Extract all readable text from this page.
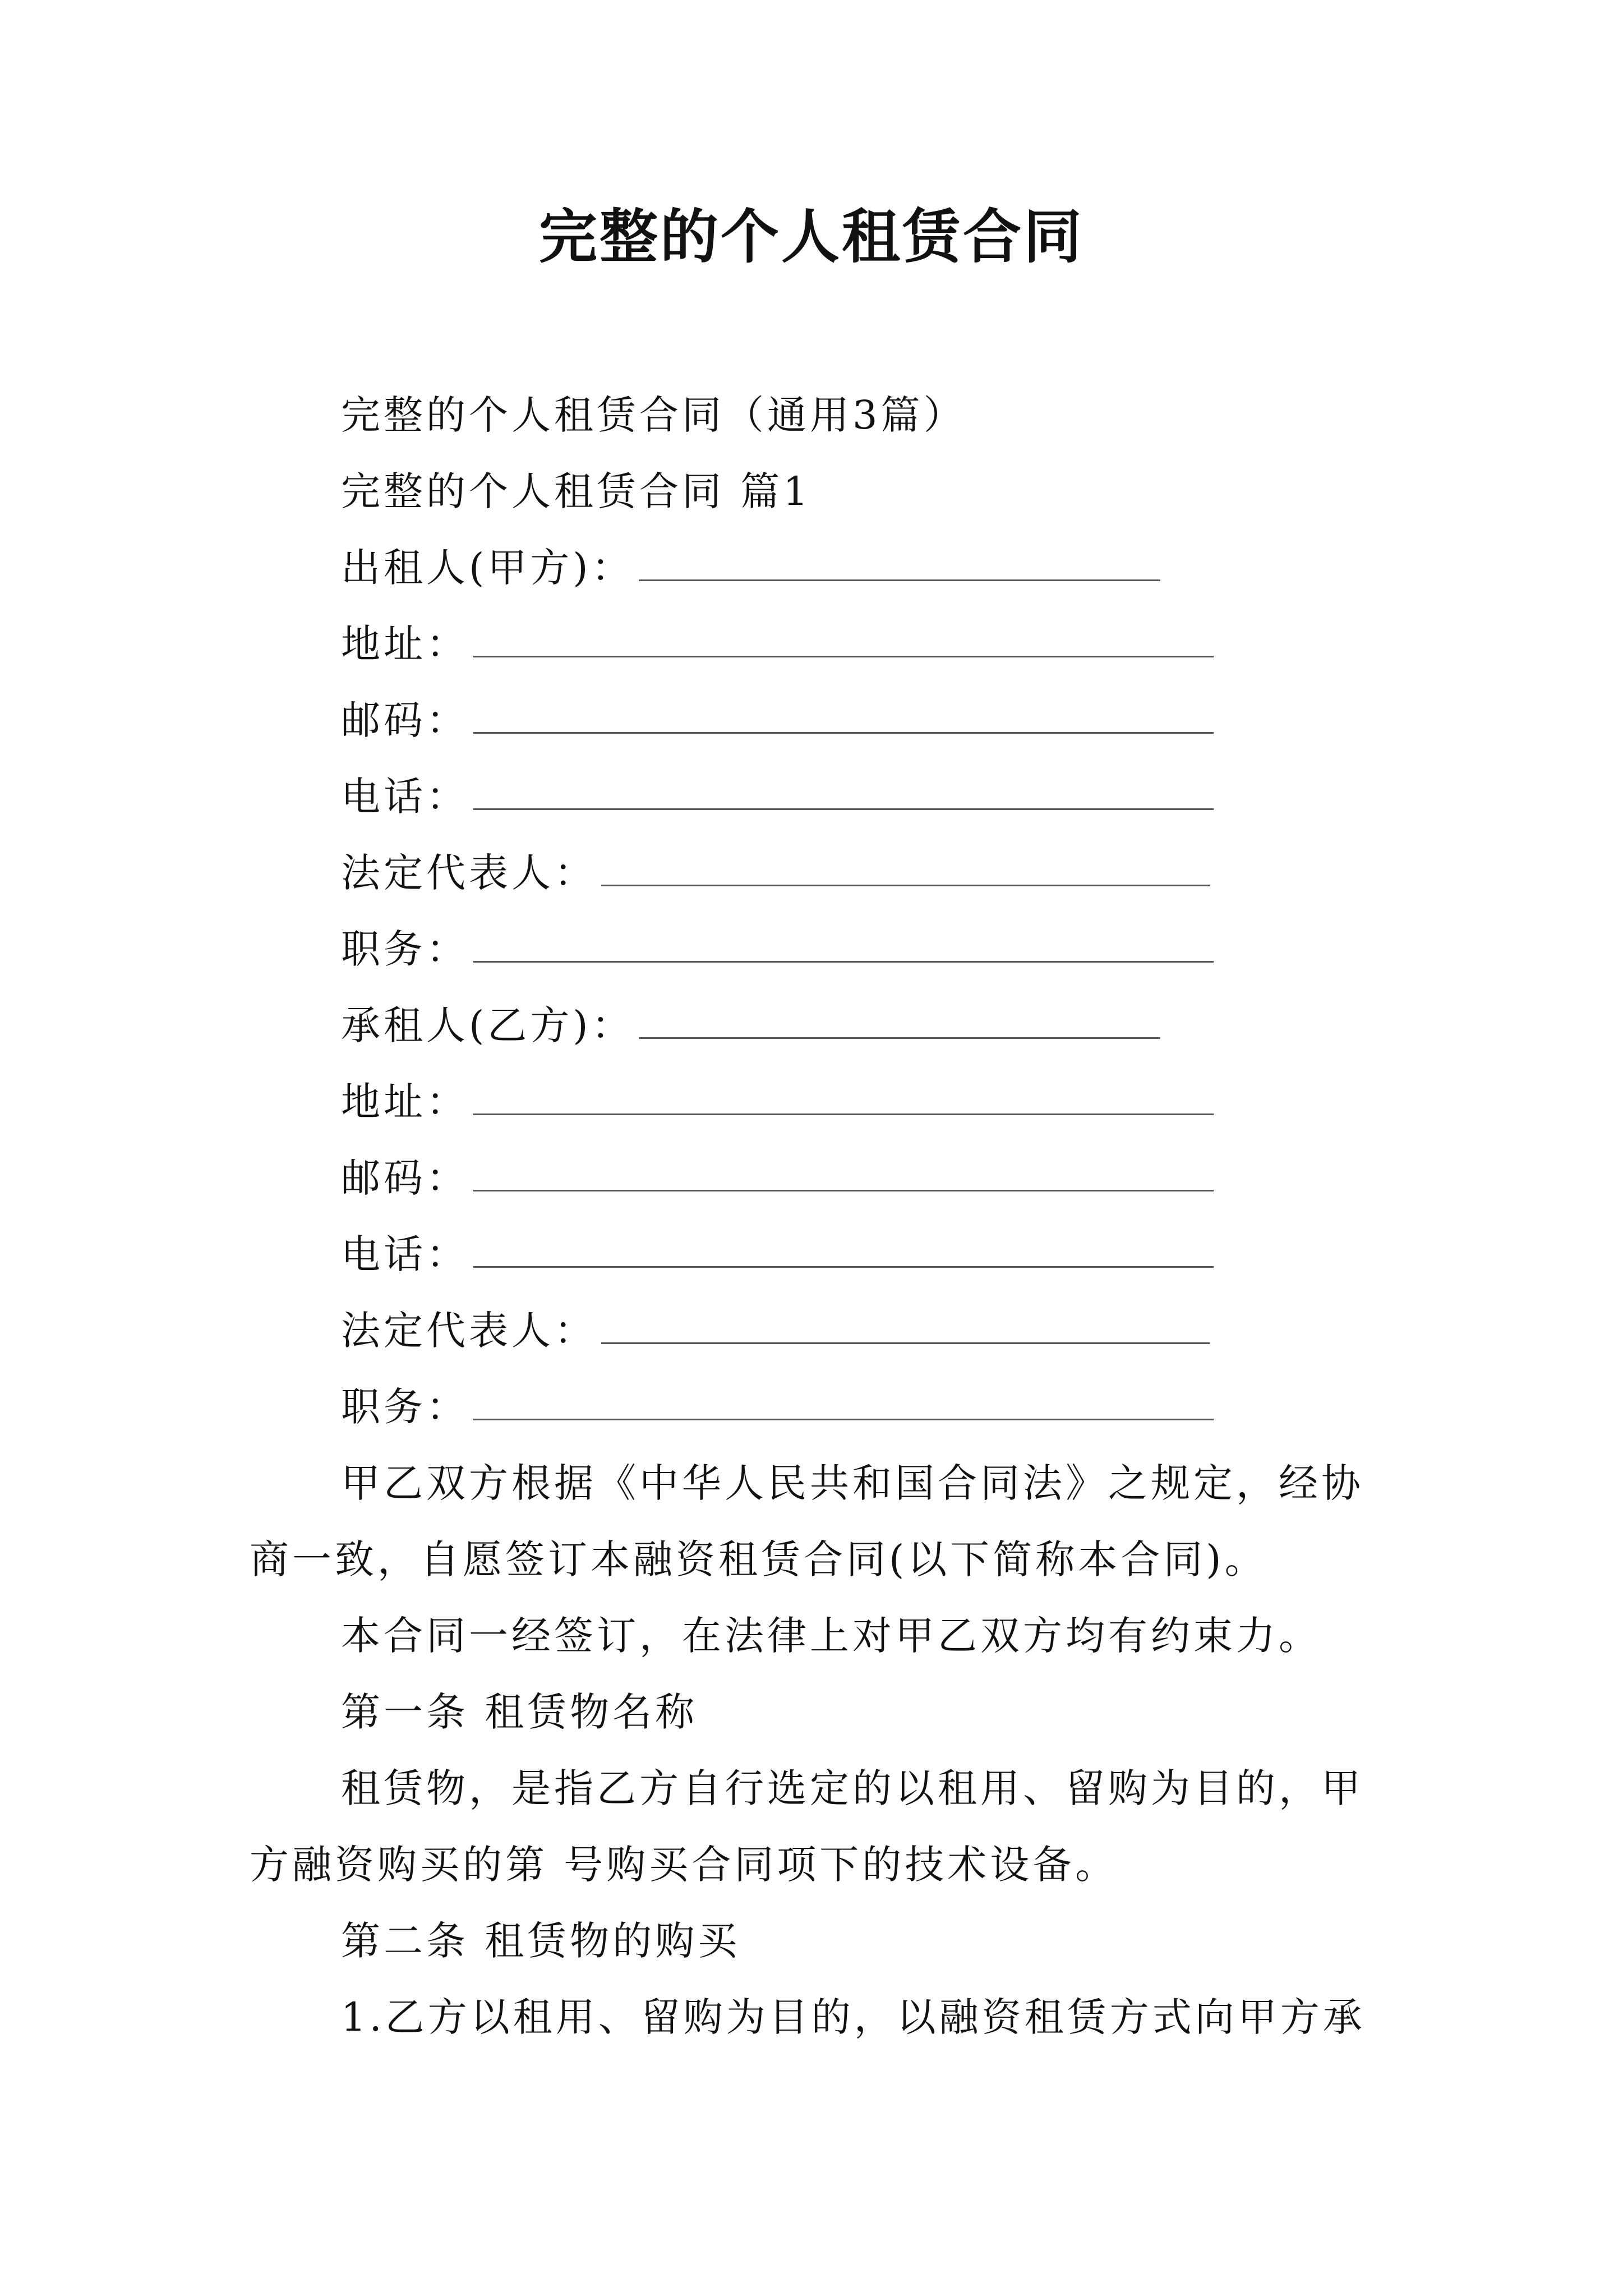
完整的个人租赁合同
完整的个人租赁合同（通用3篇）
完整的个人租赁合同 篇1
出租人(甲方)：
地址：
邮码：
电话：
法定代表人：
职务：
承租人(乙方)：
地址：
邮码：
电话：
法定代表人：
职务：
甲乙双方根据《中华人民共和国合同法》之规定，经协
商一致，自愿签订本融资租赁合同(以下简称本合同)。
本合同一经签订，在法律上对甲乙双方均有约束力。
第一条 租赁物名称
租赁物，是指乙方自行选定的以租用、留购为目的，甲
方融资购买的第 号购买合同项下的技术设备。
第二条 租赁物的购买
1.乙方以租用、留购为目的，以融资租赁方式向甲方承
